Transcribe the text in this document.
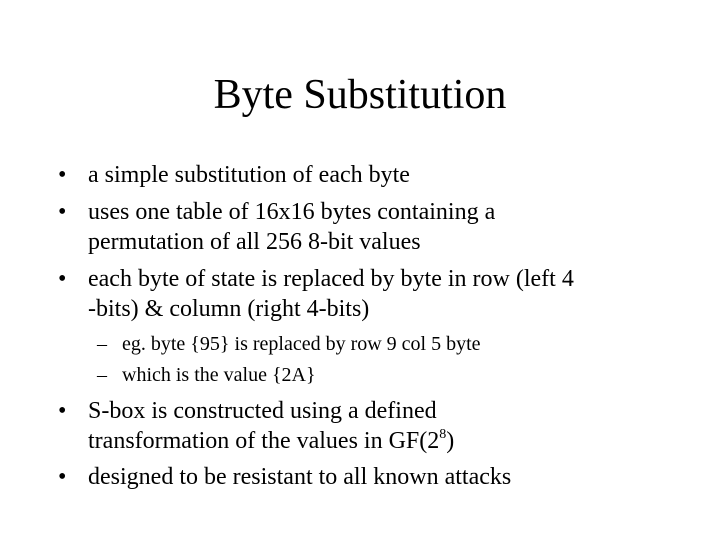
Byte Substitution
• a simple substitution of each byte
• uses one table of 16x16 bytes containing a
permutation of all 256 8-bit values
• each byte of state is replaced by byte in row (left 4
-bits) & column (right 4-bits)
– eg. byte {95} is replaced by row 9 col 5 byte
– which is the value {2A}
• S-box is constructed using a defined
transformation of the values in $GF(2^8)$
• designed to be resistant to all known attacks
